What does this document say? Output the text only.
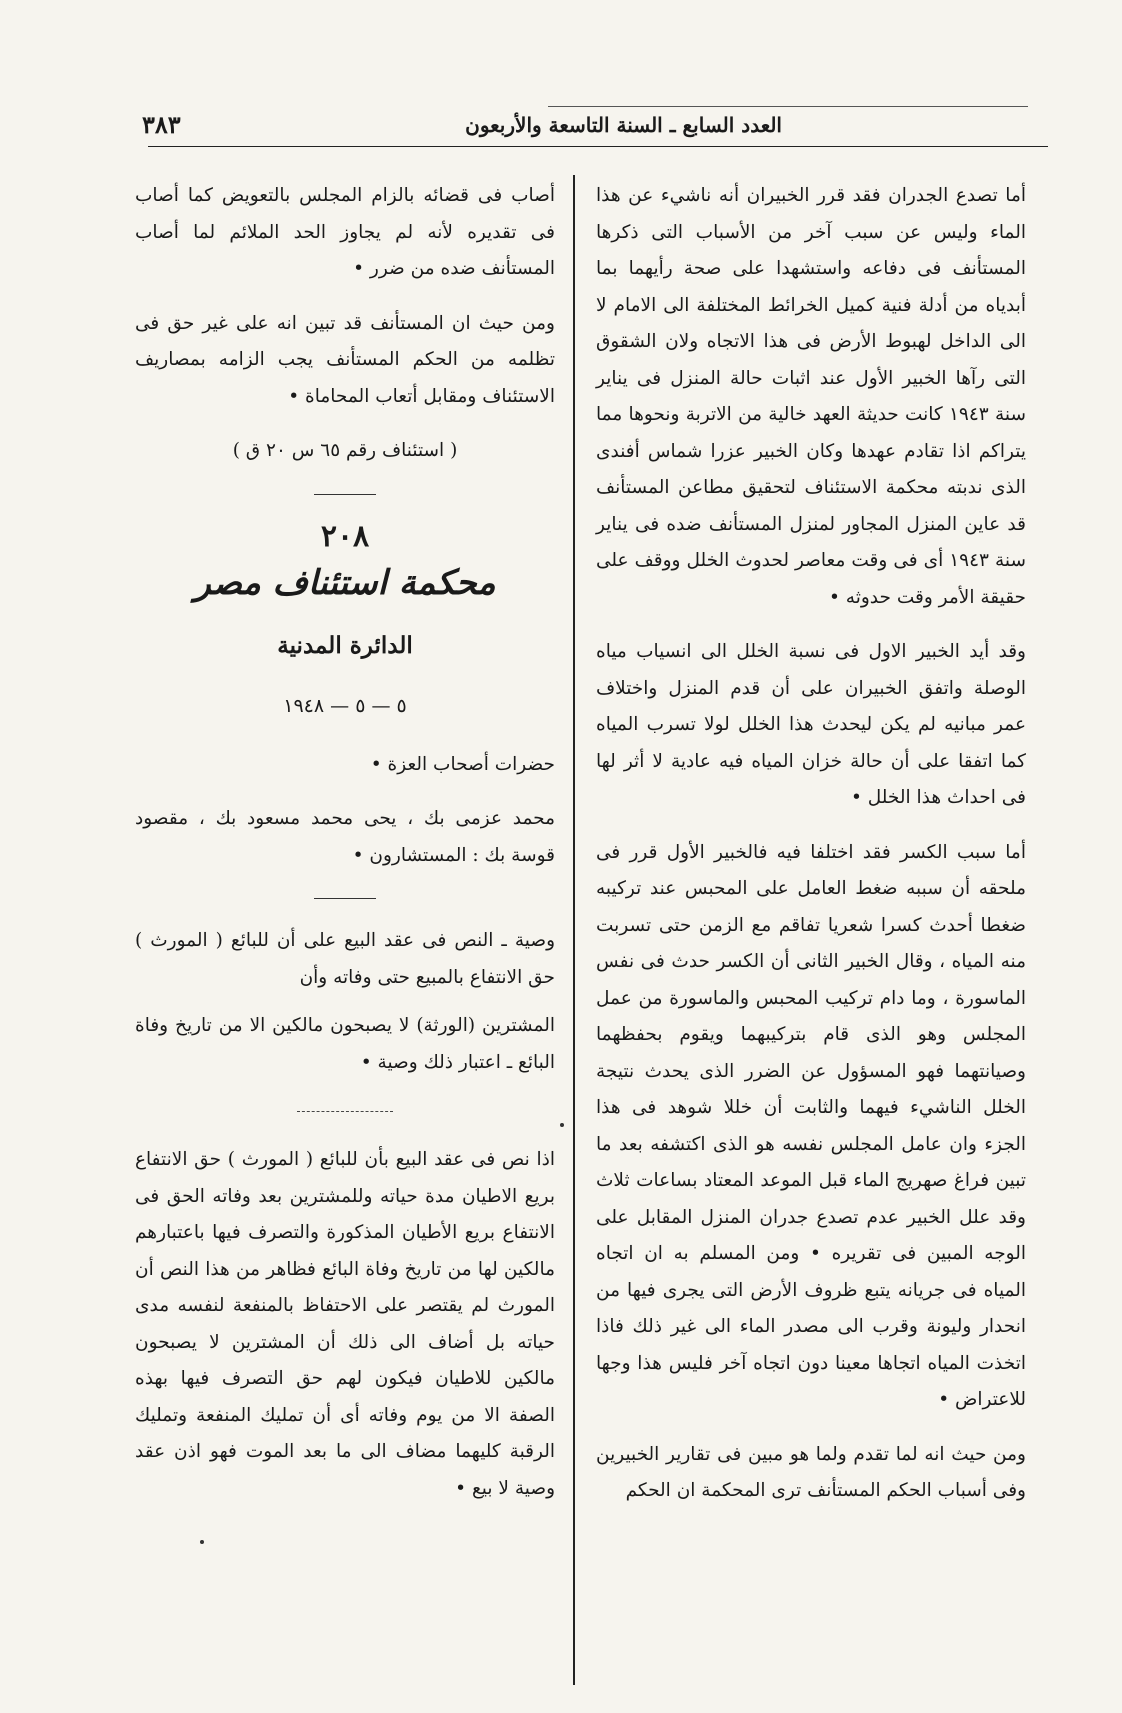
العدد السابع ـ السنة التاسعة والأربعون
٣٨٣

أما تصدع الجدران فقد قرر الخبيران أنه ناشيء عن هذا الماء وليس عن سبب آخر من الأسباب التى ذكرها المستأنف فى دفاعه واستشهدا على صحة رأيهما بما أبدياه من أدلة فنية كميل الخرائط المختلفة الى الامام لا الى الداخل لهبوط الأرض فى هذا الاتجاه ولان الشقوق التى رآها الخبير الأول عند اثبات حالة المنزل فى يناير سنة ١٩٤٣ كانت حديثة العهد خالية من الاتربة ونحوها مما يتراكم اذا تقادم عهدها وكان الخبير عزرا شماس أفندى الذى ندبته محكمة الاستئناف لتحقيق مطاعن المستأنف قد عاين المنزل المجاور لمنزل المستأنف ضده فى يناير سنة ١٩٤٣ أى فى وقت معاصر لحدوث الخلل ووقف على حقيقة الأمر وقت حدوثه •

وقد أيد الخبير الاول فى نسبة الخلل الى انسياب مياه الوصلة واتفق الخبيران على أن قدم المنزل واختلاف عمر مبانيه لم يكن ليحدث هذا الخلل لولا تسرب المياه كما اتفقا على أن حالة خزان المياه فيه عادية لا أثر لها فى احداث هذا الخلل •

أما سبب الكسر فقد اختلفا فيه فالخبير الأول قرر فى ملحقه أن سببه ضغط العامل على المحبس عند تركيبه ضغطا أحدث كسرا شعريا تفاقم مع الزمن حتى تسربت منه المياه ، وقال الخبير الثانى أن الكسر حدث فى نفس الماسورة ، وما دام تركيب المحبس والماسورة من عمل المجلس وهو الذى قام بتركيبهما ويقوم بحفظهما وصيانتهما فهو المسؤول عن الضرر الذى يحدث نتيجة الخلل الناشيء فيهما والثابت أن خللا شوهد فى هذا الجزء وان عامل المجلس نفسه هو الذى اكتشفه بعد ما تبين فراغ صهريج الماء قبل الموعد المعتاد بساعات ثلاث وقد علل الخبير عدم تصدع جدران المنزل المقابل على الوجه المبين فى تقريره • ومن المسلم به ان اتجاه المياه فى جريانه يتبع ظروف الأرض التى يجرى فيها من انحدار وليونة وقرب الى مصدر الماء الى غير ذلك فاذا اتخذت المياه اتجاها معينا دون اتجاه آخر فليس هذا وجها للاعتراض •

ومن حيث انه لما تقدم ولما هو مبين فى تقارير الخبيرين وفى أسباب الحكم المستأنف ترى المحكمة ان الحكم

أصاب فى قضائه بالزام المجلس بالتعويض كما أصاب فى تقديره لأنه لم يجاوز الحد الملائم لما أصاب المستأنف ضده من ضرر •

ومن حيث ان المستأنف قد تبين انه على غير حق فى تظلمه من الحكم المستأنف يجب الزامه بمصاريف الاستئناف ومقابل أتعاب المحاماة •

( استئناف رقم ٦٥ س ٢٠ ق )

٢٠٨
محكمة استئناف مصر
الدائرة المدنية
٥ — ٥ — ١٩٤٨

حضرات أصحاب العزة •

محمد عزمى بك ، يحى محمد مسعود بك ، مقصود قوسة بك : المستشارون •

وصية ـ النص فى عقد البيع على أن للبائع ( المورث ) حق الانتفاع بالمبيع حتى وفاته وأن

المشترين (الورثة) لا يصبحون مالكين الا من تاريخ وفاة البائع ـ اعتبار ذلك وصية •

اذا نص فى عقد البيع بأن للبائع ( المورث ) حق الانتفاع بريع الاطيان مدة حياته وللمشترين بعد وفاته الحق فى الانتفاع بريع الأطيان المذكورة والتصرف فيها باعتبارهم مالكين لها من تاريخ وفاة البائع فظاهر من هذا النص أن المورث لم يقتصر على الاحتفاظ بالمنفعة لنفسه مدى حياته بل أضاف الى ذلك أن المشترين لا يصبحون مالكين للاطيان فيكون لهم حق التصرف فيها بهذه الصفة الا من يوم وفاته أى أن تمليك المنفعة وتمليك الرقبة كليهما مضاف الى ما بعد الموت فهو اذن عقد وصية لا بيع •
